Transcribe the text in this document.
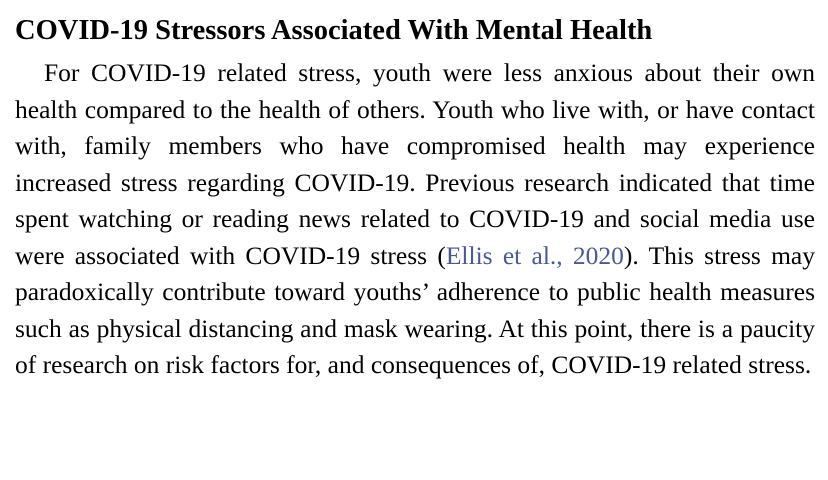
COVID-19 Stressors Associated With Mental Health

For COVID-19 related stress, youth were less anxious about their own health compared to the health of others. Youth who live with, or have contact with, family members who have compromised health may experience increased stress regarding COVID-19. Previous research indicated that time spent watching or reading news related to COVID-19 and social media use were associated with COVID-19 stress (Ellis et al., 2020). This stress may paradoxically contribute toward youths’ adherence to public health measures such as physical distancing and mask wearing. At this point, there is a paucity of research on risk factors for, and consequences of, COVID-19 related stress.
